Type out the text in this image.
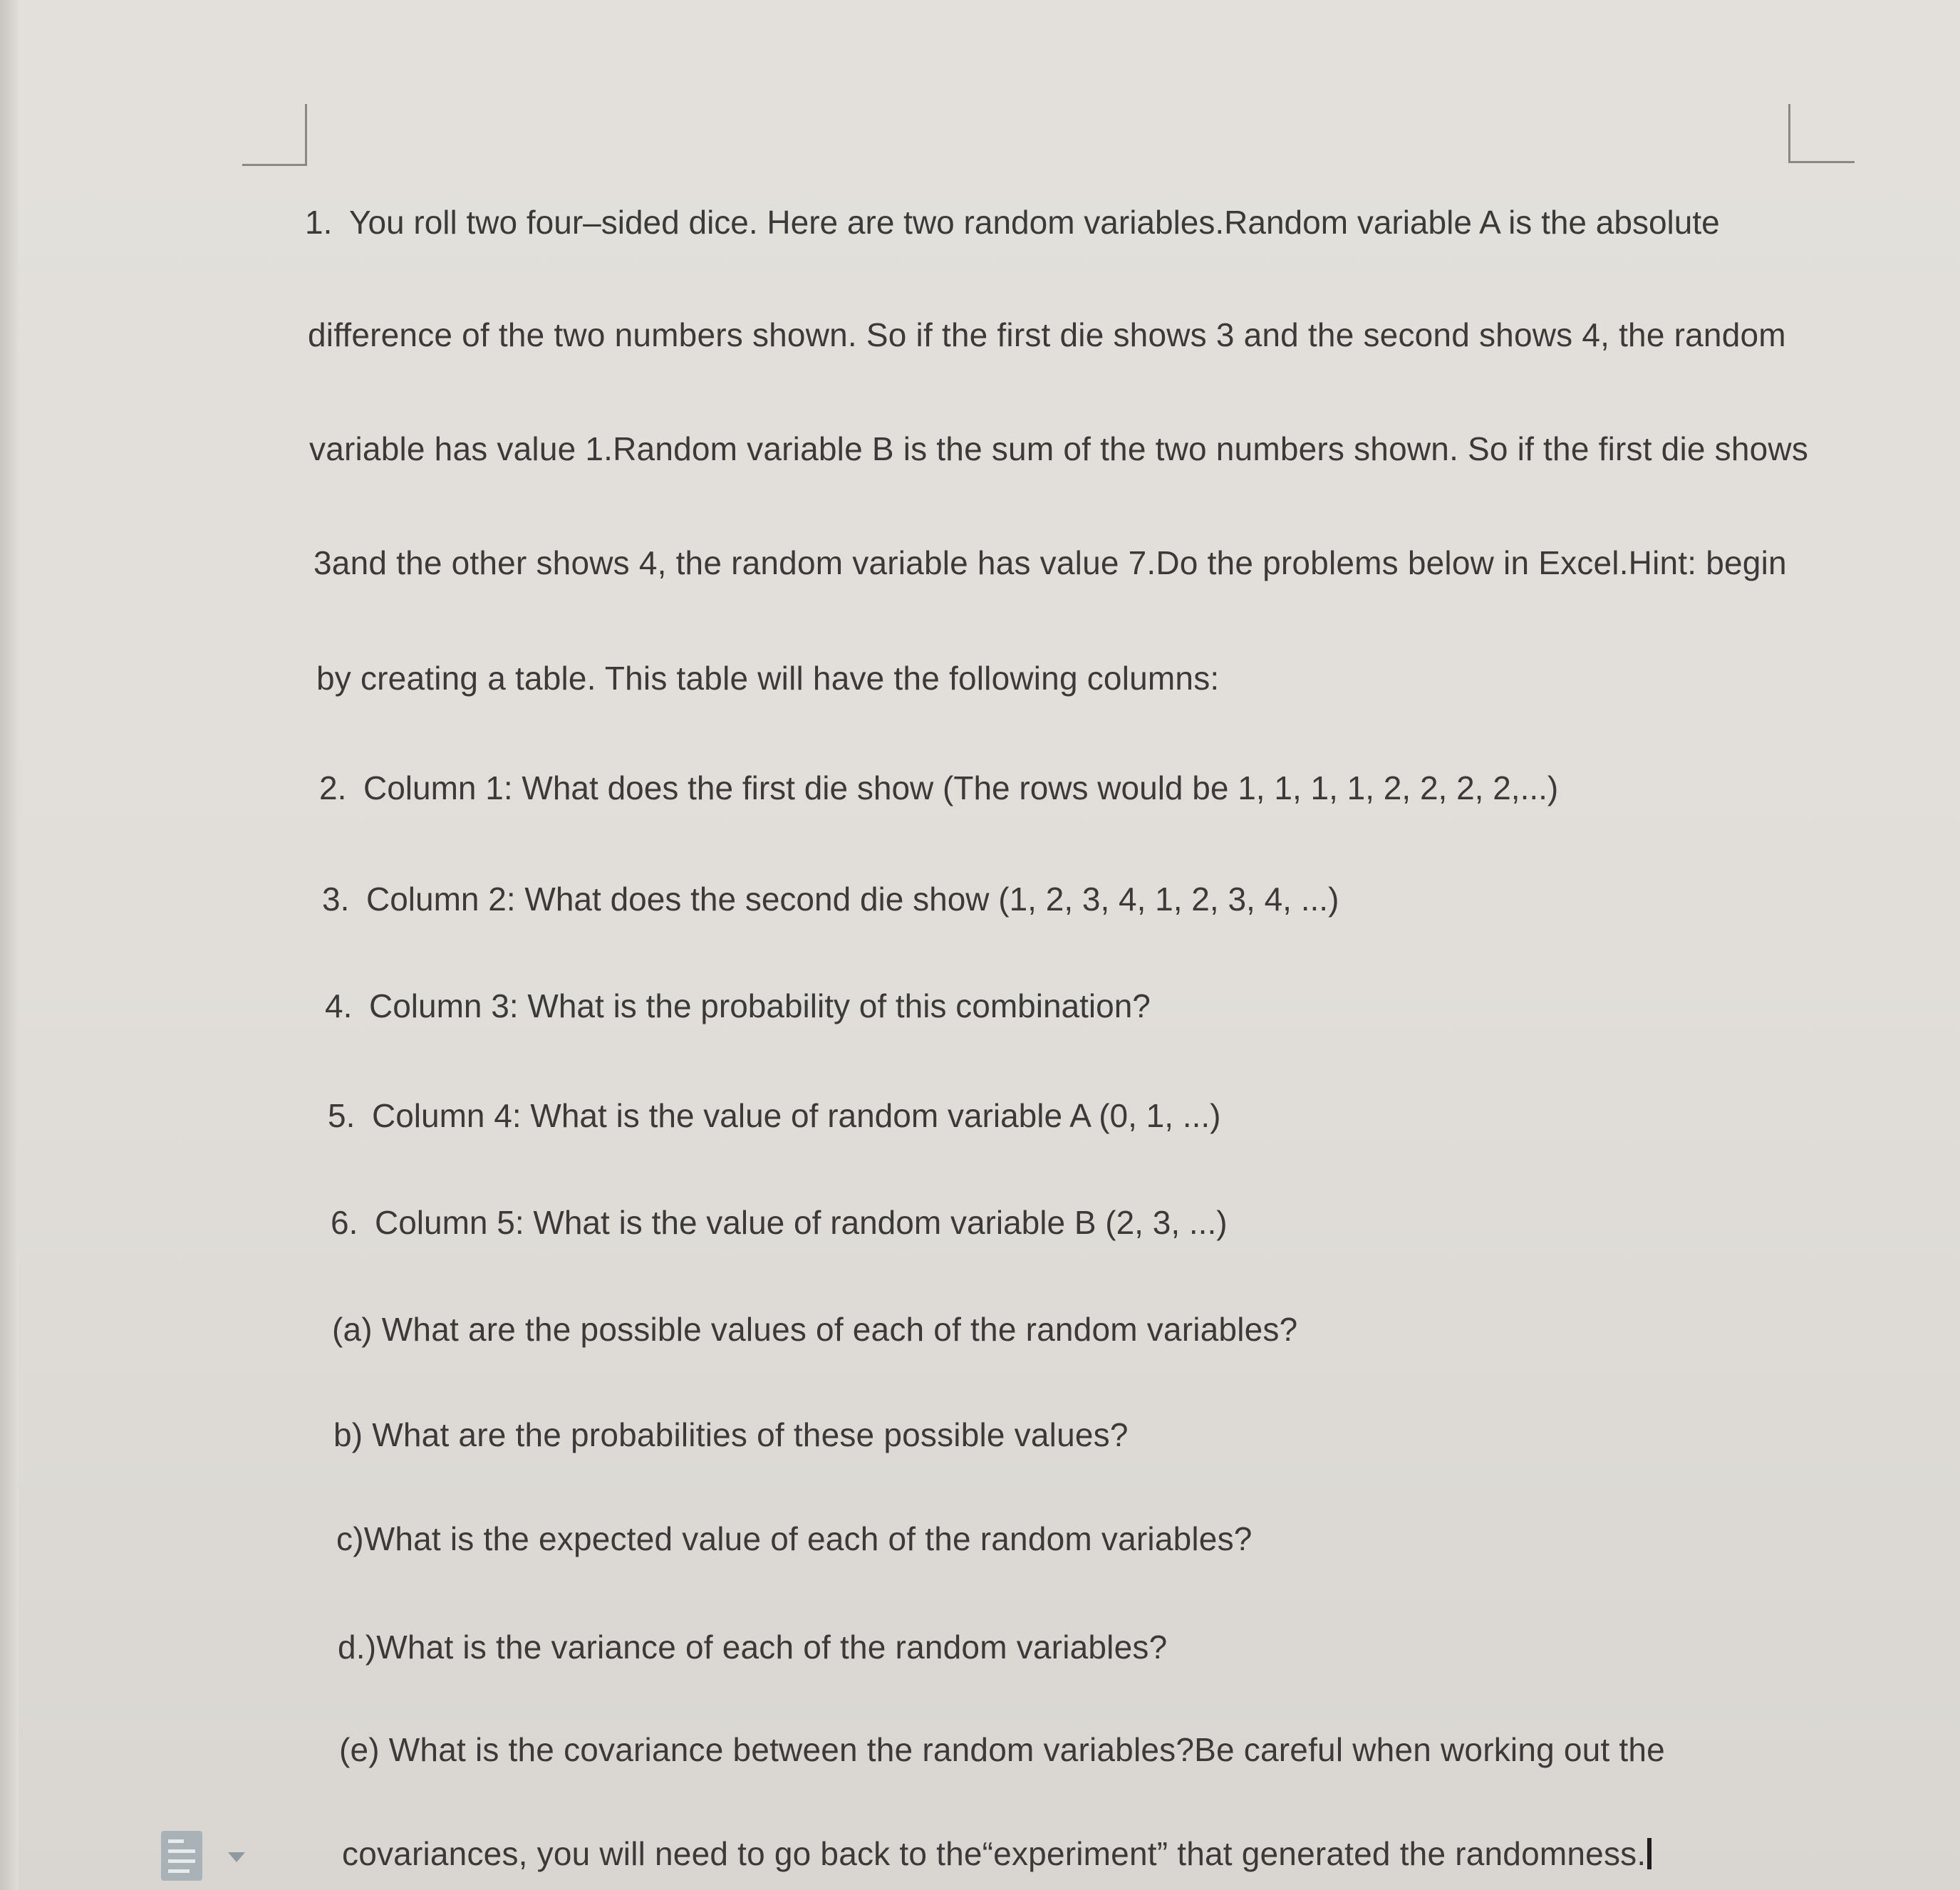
1. You roll two four–sided dice. Here are two random variables.Random variable A is the absolute

difference of the two numbers shown. So if the first die shows 3 and the second shows 4, the random

variable has value 1.Random variable B is the sum of the two numbers shown. So if the first die shows

3and the other shows 4, the random variable has value 7.Do the problems below in Excel.Hint: begin

by creating a table. This table will have the following columns:

2. Column 1: What does the first die show (The rows would be 1, 1, 1, 1, 2, 2, 2, 2,...)

3. Column 2: What does the second die show (1, 2, 3, 4, 1, 2, 3, 4, ...)

4. Column 3: What is the probability of this combination?

5. Column 4: What is the value of random variable A (0, 1, ...)

6. Column 5: What is the value of random variable B (2, 3, ...)

(a) What are the possible values of each of the random variables?

b) What are the probabilities of these possible values?

c)What is the expected value of each of the random variables?

d.)What is the variance of each of the random variables?

(e) What is the covariance between the random variables?Be careful when working out the

covariances, you will need to go back to the“experiment” that generated the randomness.
